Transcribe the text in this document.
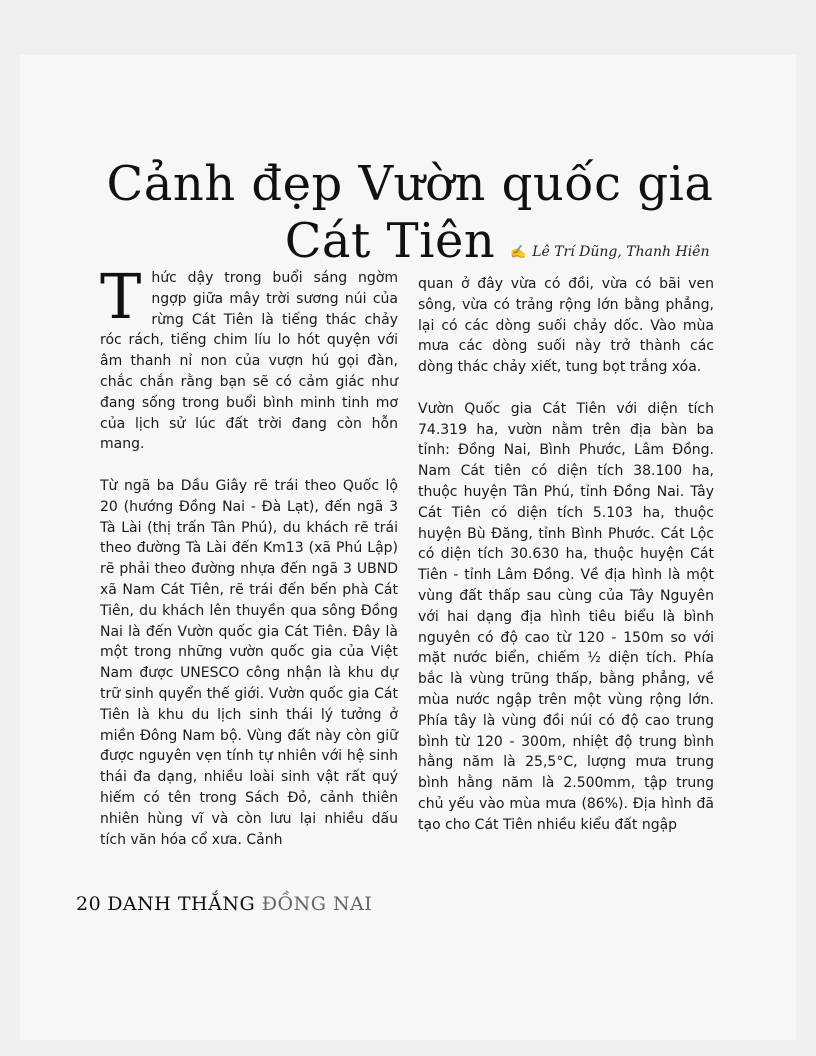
Cảnh đẹp Vườn quốc gia
Cát Tiên	✍ Lê Trí Dũng, Thanh Hiên

Thức dậy trong buổi sáng ngờm ngợp giữa mây trời sương núi của rừng Cát Tiên là tiếng thác chảy róc rách, tiếng chim líu lo hót quyện với âm thanh nỉ non của vượn hú gọi đàn, chắc chắn rằng bạn sẽ có cảm giác như đang sống trong buổi bình minh tinh mơ của lịch sử lúc đất trời đang còn hỗn mang.

Từ ngã ba Dầu Giây rẽ trái theo Quốc lộ 20 (hướng Đồng Nai - Đà Lạt), đến ngã 3 Tà Lài (thị trấn Tân Phú), du khách rẽ trái theo đường Tà Lài đến Km13 (xã Phú Lập) rẽ phải theo đường nhựa đến ngã 3 UBND xã Nam Cát Tiên, rẽ trái đến bến phà Cát Tiên, du khách lên thuyền qua sông Đồng Nai là đến Vườn quốc gia Cát Tiên. Đây là một trong những vườn quốc gia của Việt Nam được UNESCO công nhận là khu dự trữ sinh quyển thế giới. Vườn quốc gia Cát Tiên là khu du lịch sinh thái lý tưởng ở miền Đông Nam bộ. Vùng đất này còn giữ được nguyên vẹn tính tự nhiên với hệ sinh thái đa dạng, nhiều loài sinh vật rất quý hiếm có tên trong Sách Đỏ, cảnh thiên nhiên hùng vĩ và còn lưu lại nhiều dấu tích văn hóa cổ xưa. Cảnh

quan ở đây vừa có đồi, vừa có bãi ven sông, vừa có trảng rộng lớn bằng phẳng, lại có các dòng suối chảy dốc. Vào mùa mưa các dòng suối này trở thành các dòng thác chảy xiết, tung bọt trắng xóa.

Vườn Quốc gia Cát Tiên với diện tích 74.319 ha, vườn nằm trên địa bàn ba tỉnh: Đồng Nai, Bình Phước, Lâm Đồng. Nam Cát tiên có diện tích 38.100 ha, thuộc huyện Tân Phú, tỉnh Đồng Nai. Tây Cát Tiên có diện tích 5.103 ha, thuộc huyện Bù Đăng, tỉnh Bình Phước. Cát Lộc có diện tích 30.630 ha, thuộc huyện Cát Tiên - tỉnh Lâm Đồng. Về địa hình là một vùng đất thấp sau cùng của Tây Nguyên với hai dạng địa hình tiêu biểu là bình nguyên có độ cao từ 120 - 150m so với mặt nước biển, chiếm ½ diện tích. Phía bắc là vùng trũng thấp, bằng phẳng, về mùa nước ngập trên một vùng rộng lớn. Phía tây là vùng đồi núi có độ cao trung bình từ 120 - 300m, nhiệt độ trung bình hằng năm là 25,5°C, lượng mưa trung bình hằng năm là 2.500mm, tập trung chủ yếu vào mùa mưa (86%). Địa hình đã tạo cho Cát Tiên nhiều kiểu đất ngập

20 DANH THẮNG ĐỒNG NAI
